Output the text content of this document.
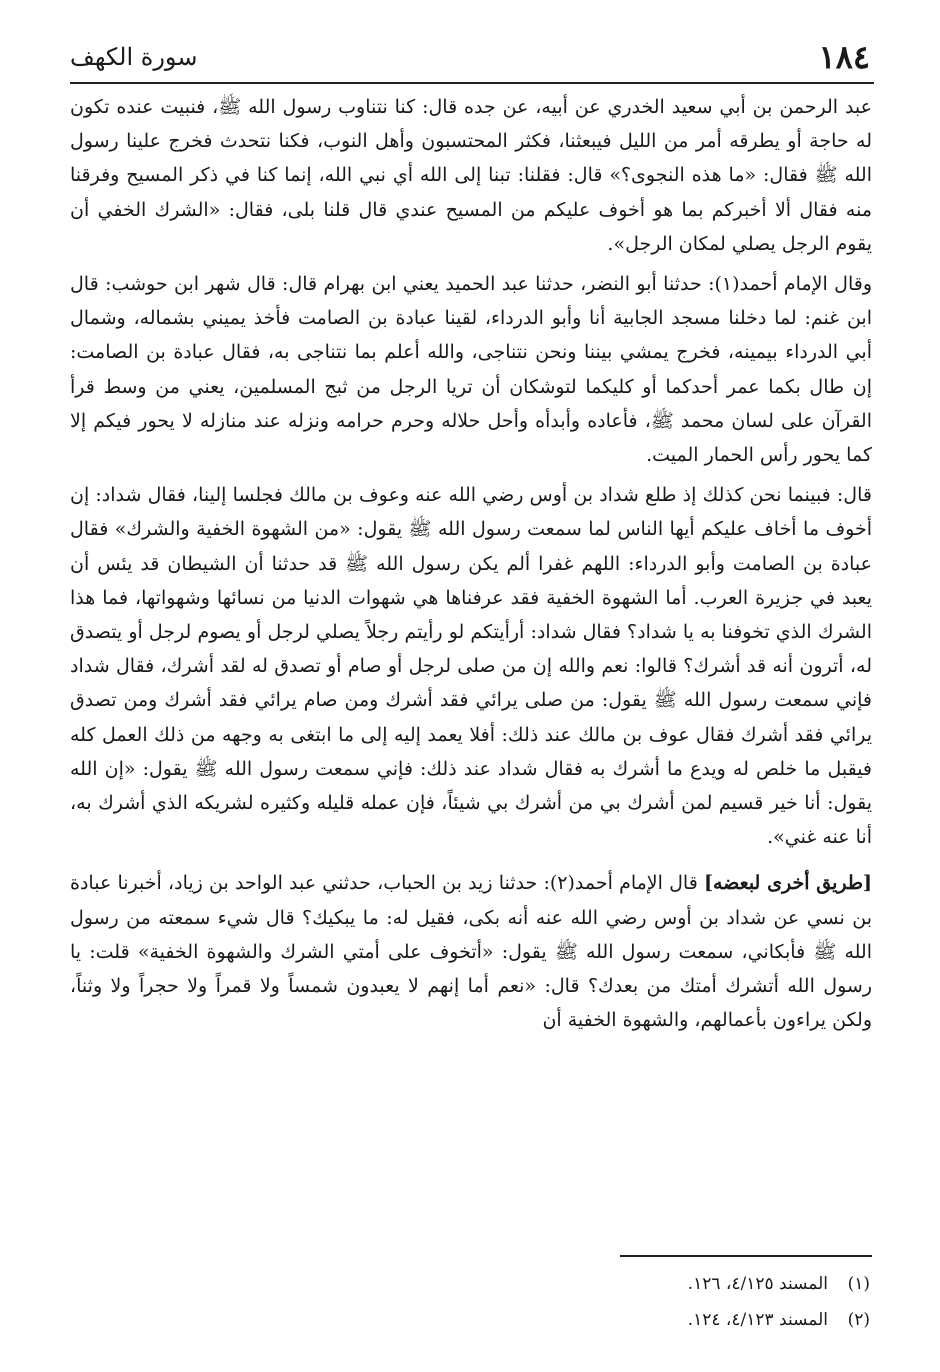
١٨٤
سورة الكهف

عبد الرحمن بن أبي سعيد الخدري عن أبيه، عن جده قال: كنا نتناوب رسول الله ﷺ، فنبيت عنده تكون له حاجة أو يطرقه أمر من الليل فيبعثنا، فكثر المحتسبون وأهل النوب، فكنا نتحدث فخرج علينا رسول الله ﷺ فقال: «ما هذه النجوى؟» قال: فقلنا: تبنا إلى الله أي نبي الله، إنما كنا في ذكر المسيح وفرقنا منه فقال ألا أخبركم بما هو أخوف عليكم من المسيح عندي قال قلنا بلى، فقال: «الشرك الخفي أن يقوم الرجل يصلي لمكان الرجل».

وقال الإمام أحمد(١): حدثنا أبو النضر، حدثنا عبد الحميد يعني ابن بهرام قال: قال شهر ابن حوشب: قال ابن غنم: لما دخلنا مسجد الجابية أنا وأبو الدرداء، لقينا عبادة بن الصامت فأخذ يميني بشماله، وشمال أبي الدرداء بيمينه، فخرج يمشي بيننا ونحن نتناجى، والله أعلم بما نتناجى به، فقال عبادة بن الصامت: إن طال بكما عمر أحدكما أو كليكما لتوشكان أن تريا الرجل من ثبج المسلمين، يعني من وسط قرأ القرآن على لسان محمد ﷺ، فأعاده وأبدأه وأحل حلاله وحرم حرامه ونزله عند منازله لا يحور فيكم إلا كما يحور رأس الحمار الميت.

قال: فبينما نحن كذلك إذ طلع شداد بن أوس رضي الله عنه وعوف بن مالك فجلسا إلينا، فقال شداد: إن أخوف ما أخاف عليكم أيها الناس لما سمعت رسول الله ﷺ يقول: «من الشهوة الخفية والشرك» فقال عبادة بن الصامت وأبو الدرداء: اللهم غفرا ألم يكن رسول الله ﷺ قد حدثنا أن الشيطان قد يئس أن يعبد في جزيرة العرب. أما الشهوة الخفية فقد عرفناها هي شهوات الدنيا من نسائها وشهواتها، فما هذا الشرك الذي تخوفنا به يا شداد؟ فقال شداد: أرأيتكم لو رأيتم رجلاً يصلي لرجل أو يصوم لرجل أو يتصدق له، أترون أنه قد أشرك؟ قالوا: نعم والله إن من صلى لرجل أو صام أو تصدق له لقد أشرك، فقال شداد فإني سمعت رسول الله ﷺ يقول: من صلى يرائي فقد أشرك ومن صام يرائي فقد أشرك ومن تصدق يرائي فقد أشرك فقال عوف بن مالك عند ذلك: أفلا يعمد إليه إلى ما ابتغى به وجهه من ذلك العمل كله فيقبل ما خلص له ويدع ما أشرك به فقال شداد عند ذلك: فإني سمعت رسول الله ﷺ يقول: «إن الله يقول: أنا خير قسيم لمن أشرك بي من أشرك بي شيئاً، فإن عمله قليله وكثيره لشريكه الذي أشرك به، أنا عنه غني».

[طريق أخرى لبعضه] قال الإمام أحمد(٢): حدثنا زيد بن الحباب، حدثني عبد الواحد بن زياد، أخبرنا عبادة بن نسي عن شداد بن أوس رضي الله عنه أنه بكى، فقيل له: ما يبكيك؟ قال شيء سمعته من رسول الله ﷺ فأبكاني، سمعت رسول الله ﷺ يقول: «أتخوف على أمتي الشرك والشهوة الخفية» قلت: يا رسول الله أتشرك أمتك من بعدك؟ قال: «نعم أما إنهم لا يعبدون شمساً ولا قمراً ولا حجراً ولا وثناً، ولكن يراءون بأعمالهم، والشهوة الخفية أن

(١)المسند ٤/١٢٥، ١٢٦.
(٢)المسند ٤/١٢٣، ١٢٤.
